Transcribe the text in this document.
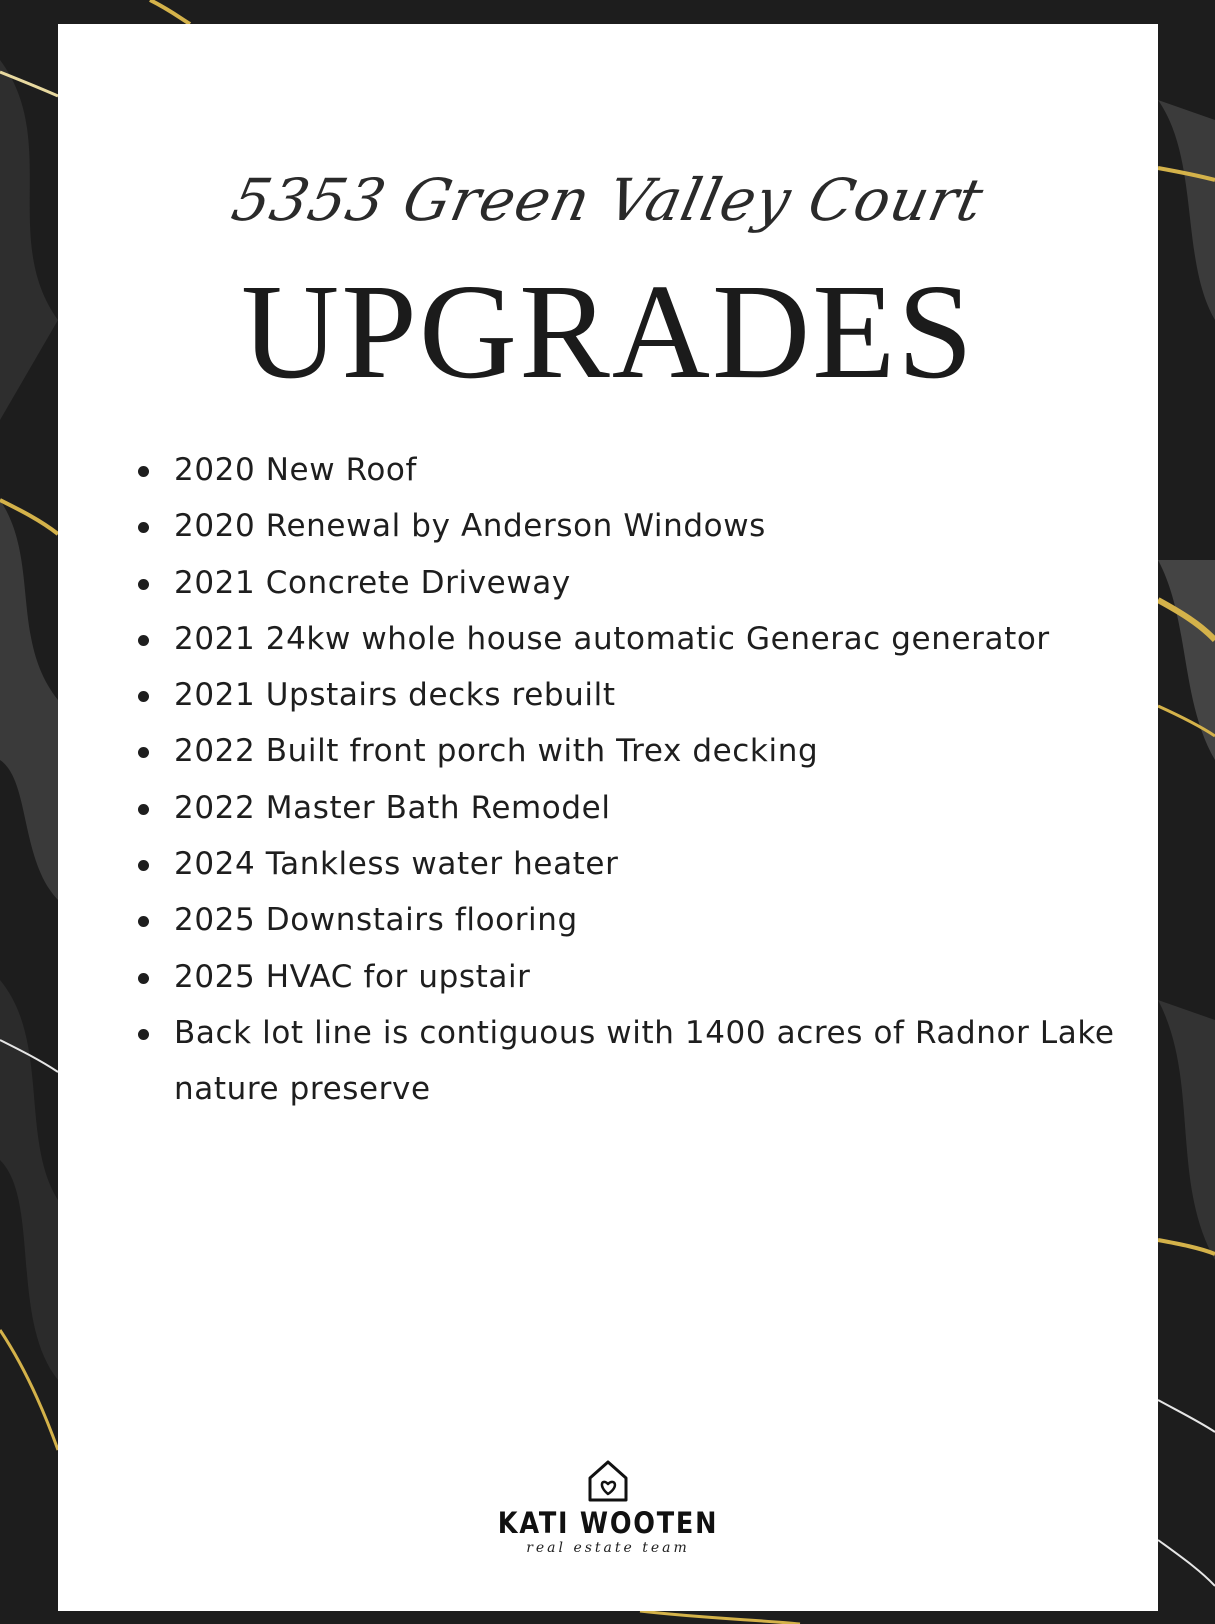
5353 Green Valley Court
UPGRADES
2020 New Roof
2020 Renewal by Anderson Windows
2021 Concrete Driveway
2021 24kw whole house automatic Generac generator
2021 Upstairs decks rebuilt
2022 Built front porch with Trex decking
2022 Master Bath Remodel
2024 Tankless water heater
2025 Downstairs flooring
2025 HVAC for upstair
Back lot line is contiguous with 1400 acres of Radnor Lake nature preserve
KATI WOOTEN
real estate team
